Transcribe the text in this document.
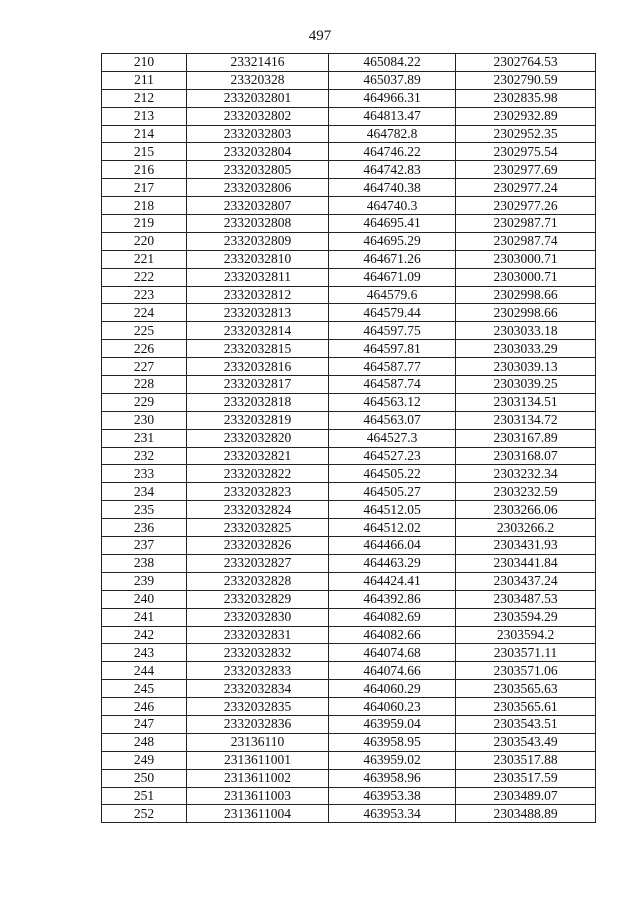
497
210	23321416	465084.22	2302764.53
211	23320328	465037.89	2302790.59
212	2332032801	464966.31	2302835.98
213	2332032802	464813.47	2302932.89
214	2332032803	464782.8	2302952.35
215	2332032804	464746.22	2302975.54
216	2332032805	464742.83	2302977.69
217	2332032806	464740.38	2302977.24
218	2332032807	464740.3	2302977.26
219	2332032808	464695.41	2302987.71
220	2332032809	464695.29	2302987.74
221	2332032810	464671.26	2303000.71
222	2332032811	464671.09	2303000.71
223	2332032812	464579.6	2302998.66
224	2332032813	464579.44	2302998.66
225	2332032814	464597.75	2303033.18
226	2332032815	464597.81	2303033.29
227	2332032816	464587.77	2303039.13
228	2332032817	464587.74	2303039.25
229	2332032818	464563.12	2303134.51
230	2332032819	464563.07	2303134.72
231	2332032820	464527.3	2303167.89
232	2332032821	464527.23	2303168.07
233	2332032822	464505.22	2303232.34
234	2332032823	464505.27	2303232.59
235	2332032824	464512.05	2303266.06
236	2332032825	464512.02	2303266.2
237	2332032826	464466.04	2303431.93
238	2332032827	464463.29	2303441.84
239	2332032828	464424.41	2303437.24
240	2332032829	464392.86	2303487.53
241	2332032830	464082.69	2303594.29
242	2332032831	464082.66	2303594.2
243	2332032832	464074.68	2303571.11
244	2332032833	464074.66	2303571.06
245	2332032834	464060.29	2303565.63
246	2332032835	464060.23	2303565.61
247	2332032836	463959.04	2303543.51
248	23136110	463958.95	2303543.49
249	2313611001	463959.02	2303517.88
250	2313611002	463958.96	2303517.59
251	2313611003	463953.38	2303489.07
252	2313611004	463953.34	2303488.89
